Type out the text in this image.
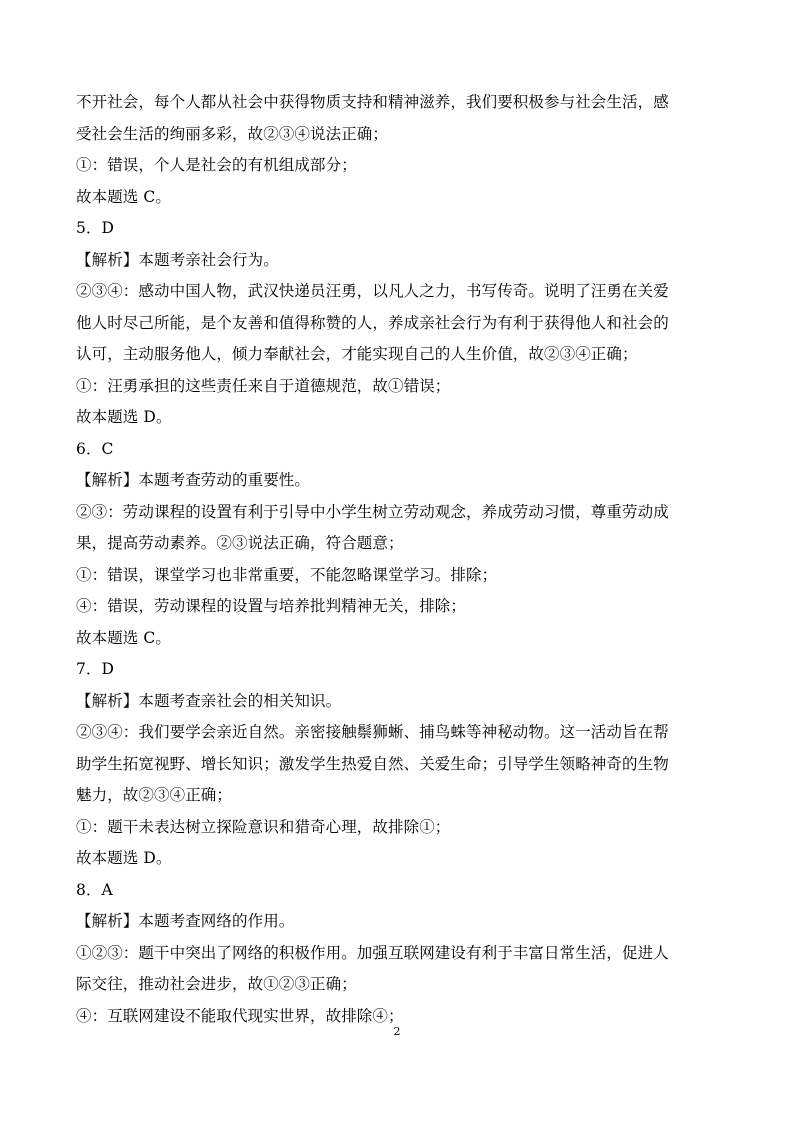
不开社会，每个人都从社会中获得物质支持和精神滋养，我们要积极参与社会生活，感
受社会生活的绚丽多彩，故②③④说法正确；
①：错误，个人是社会的有机组成部分；
故本题选 C。
5．D
【解析】本题考亲社会行为。
②③④：感动中国人物，武汉快递员汪勇，以凡人之力，书写传奇。说明了汪勇在关爱
他人时尽己所能，是个友善和值得称赞的人，养成亲社会行为有利于获得他人和社会的
认可，主动服务他人，倾力奉献社会，才能实现自己的人生价值，故②③④正确；
①：汪勇承担的这些责任来自于道德规范，故①错误；
故本题选 D。
6．C
【解析】本题考查劳动的重要性。
②③：劳动课程的设置有利于引导中小学生树立劳动观念，养成劳动习惯，尊重劳动成
果，提高劳动素养。②③说法正确，符合题意；
①：错误，课堂学习也非常重要，不能忽略课堂学习。排除；
④：错误，劳动课程的设置与培养批判精神无关，排除；
故本题选 C。
7．D
【解析】本题考查亲社会的相关知识。
②③④：我们要学会亲近自然。亲密接触鬃狮蜥、捕鸟蛛等神秘动物。这一活动旨在帮
助学生拓宽视野、增长知识；激发学生热爱自然、关爱生命；引导学生领略神奇的生物
魅力，故②③④正确；
①：题干未表达树立探险意识和猎奇心理，故排除①；
故本题选 D。
8．A
【解析】本题考查网络的作用。
①②③：题干中突出了网络的积极作用。加强互联网建设有利于丰富日常生活，促进人
际交往，推动社会进步，故①②③正确；
④：互联网建设不能取代现实世界，故排除④；
2
